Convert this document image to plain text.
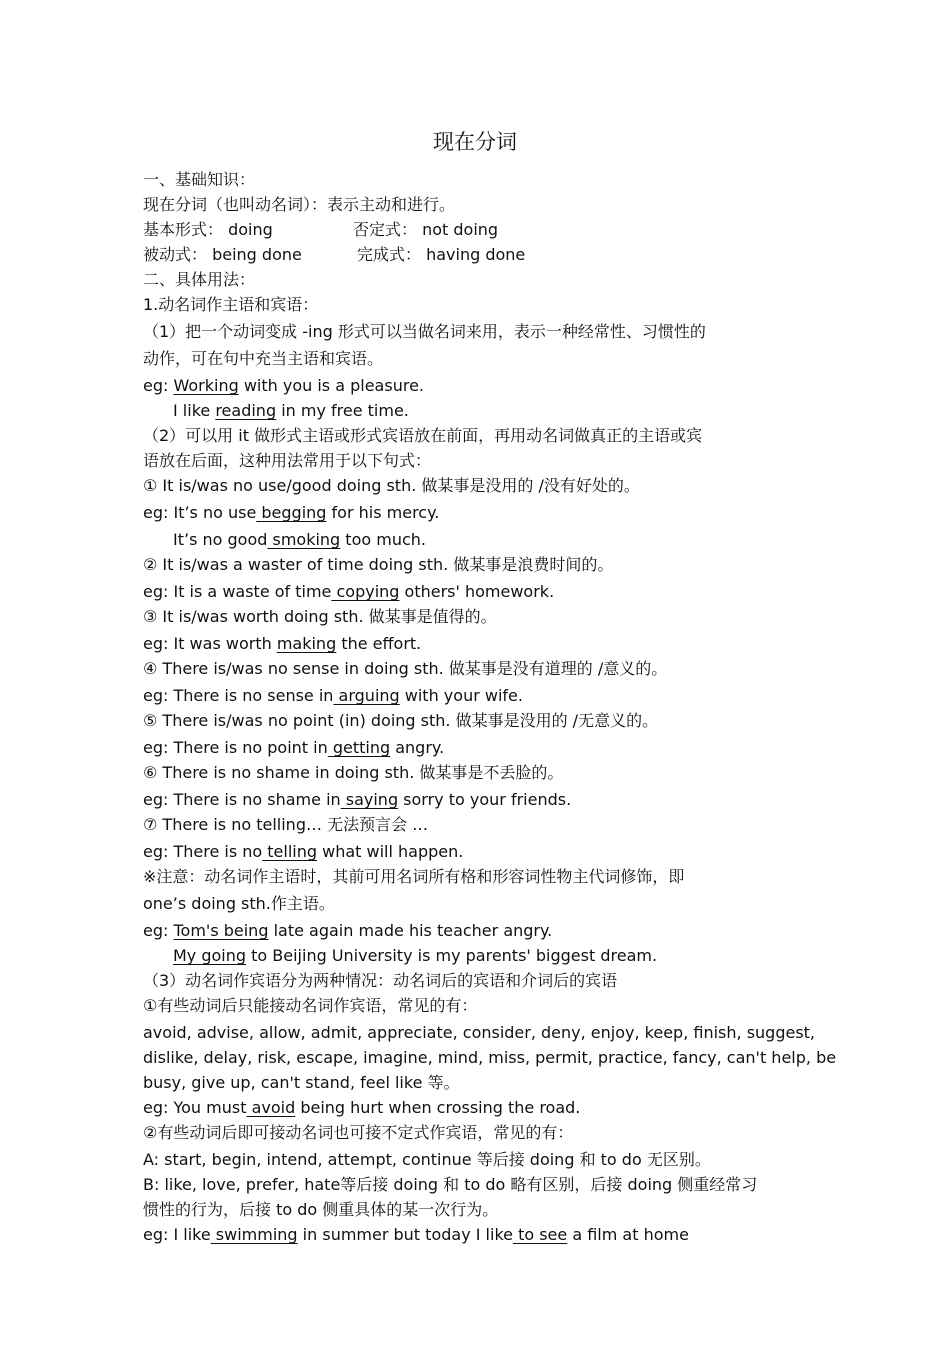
现在分词
一、基础知识：
现在分词（也叫动名词）：表示主动和进行。
基本形式： doing	否定式： not doing
被动式： being done	完成式： having done
二、具体用法：
1.动名词作主语和宾语：
（1）把一个动词变成 -ing 形式可以当做名词来用，表示一种经常性、习惯性的
动作，可在句中充当主语和宾语。
eg: Working with you is a pleasure.
I like reading in my free time.
（2）可以用 it 做形式主语或形式宾语放在前面，再用动名词做真正的主语或宾
语放在后面，这种用法常用于以下句式：
① It is/was no use/good doing sth. 做某事是没用的 /没有好处的。
eg: It’s no use begging for his mercy.
It’s no good smoking too much.
② It is/was a waster of time doing sth. 做某事是浪费时间的。
eg: It is a waste of time copying others' homework.
③ It is/was worth doing sth. 做某事是值得的。
eg: It was worth making the effort.
④ There is/was no sense in doing sth. 做某事是没有道理的 /意义的。
eg: There is no sense in arguing with your wife.
⑤ There is/was no point (in) doing sth. 做某事是没用的 /无意义的。
eg: There is no point in getting angry.
⑥ There is no shame in doing sth. 做某事是不丢脸的。
eg: There is no shame in saying sorry to your friends.
⑦ There is no telling… 无法预言会 …
eg: There is no telling what will happen.
※注意：动名词作主语时，其前可用名词所有格和形容词性物主代词修饰，即
one’s doing sth.作主语。
eg: Tom's being late again made his teacher angry.
My going to Beijing University is my parents' biggest dream.
（3）动名词作宾语分为两种情况：动名词后的宾语和介词后的宾语
①有些动词后只能接动名词作宾语，常见的有：
avoid, advise, allow, admit, appreciate, consider, deny, enjoy, keep, finish, suggest,
dislike, delay, risk, escape, imagine, mind, miss, permit, practice, fancy, can't help, be
busy, give up, can't stand, feel like 等。
eg: You must avoid being hurt when crossing the road.
②有些动词后即可接动名词也可接不定式作宾语，常见的有：
A: start, begin, intend, attempt, continue 等后接 doing 和 to do 无区别。
B: like, love, prefer, hate等后接 doing 和 to do 略有区别，后接 doing 侧重经常习
惯性的行为，后接 to do 侧重具体的某一次行为。
eg: I like swimming in summer but today I like to see a film at home
